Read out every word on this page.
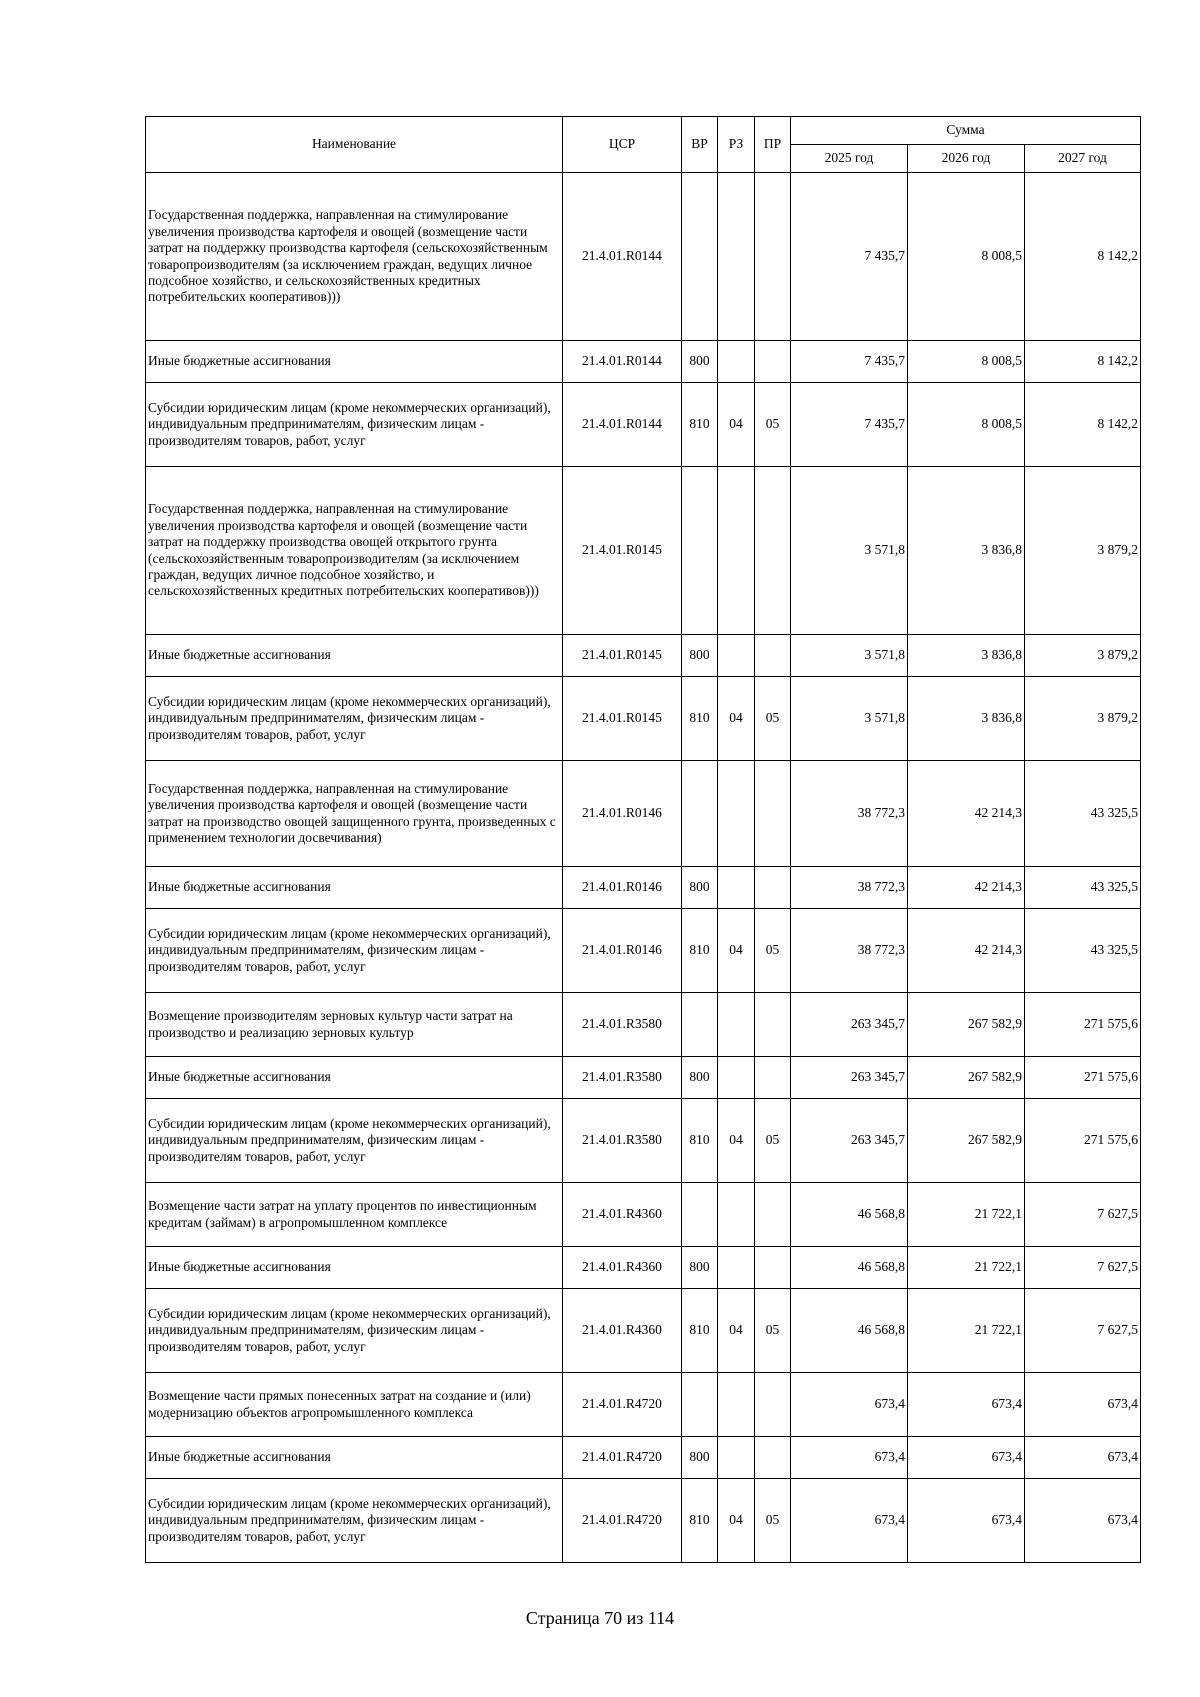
Наименование	ЦСР	ВР	РЗ	ПР	Сумма		
					2025 год	2026 год	2027 год
Государственная поддержка, направленная на стимулирование увеличения производства картофеля и овощей (возмещение части затрат на поддержку производства картофеля (сельскохозяйственным товаропроизводителям (за исключением граждан, ведущих личное подсобное хозяйство, и сельскохозяйственных кредитных потребительских кооперативов)))	21.4.01.R0144				7 435,7	8 008,5	8 142,2
Иные бюджетные ассигнования	21.4.01.R0144	800			7 435,7	8 008,5	8 142,2
Субсидии юридическим лицам (кроме некоммерческих организаций), индивидуальным предпринимателям, физическим лицам - производителям товаров, работ, услуг	21.4.01.R0144	810	04	05	7 435,7	8 008,5	8 142,2
Государственная поддержка, направленная на стимулирование увеличения производства картофеля и овощей (возмещение части затрат на поддержку производства овощей открытого грунта (сельскохозяйственным товаропроизводителям (за исключением граждан, ведущих личное подсобное хозяйство, и сельскохозяйственных кредитных потребительских кооперативов)))	21.4.01.R0145				3 571,8	3 836,8	3 879,2
Иные бюджетные ассигнования	21.4.01.R0145	800			3 571,8	3 836,8	3 879,2
Субсидии юридическим лицам (кроме некоммерческих организаций), индивидуальным предпринимателям, физическим лицам - производителям товаров, работ, услуг	21.4.01.R0145	810	04	05	3 571,8	3 836,8	3 879,2
Государственная поддержка, направленная на стимулирование увеличения производства картофеля и овощей (возмещение части затрат на производство овощей защищенного грунта, произведенных с применением технологии досвечивания)	21.4.01.R0146				38 772,3	42 214,3	43 325,5
Иные бюджетные ассигнования	21.4.01.R0146	800			38 772,3	42 214,3	43 325,5
Субсидии юридическим лицам (кроме некоммерческих организаций), индивидуальным предпринимателям, физическим лицам - производителям товаров, работ, услуг	21.4.01.R0146	810	04	05	38 772,3	42 214,3	43 325,5
Возмещение производителям зерновых культур части затрат на производство и реализацию зерновых культур	21.4.01.R3580				263 345,7	267 582,9	271 575,6
Иные бюджетные ассигнования	21.4.01.R3580	800			263 345,7	267 582,9	271 575,6
Субсидии юридическим лицам (кроме некоммерческих организаций), индивидуальным предпринимателям, физическим лицам - производителям товаров, работ, услуг	21.4.01.R3580	810	04	05	263 345,7	267 582,9	271 575,6
Возмещение части затрат на уплату процентов по инвестиционным кредитам (займам) в агропромышленном комплексе	21.4.01.R4360				46 568,8	21 722,1	7 627,5
Иные бюджетные ассигнования	21.4.01.R4360	800			46 568,8	21 722,1	7 627,5
Субсидии юридическим лицам (кроме некоммерческих организаций), индивидуальным предпринимателям, физическим лицам - производителям товаров, работ, услуг	21.4.01.R4360	810	04	05	46 568,8	21 722,1	7 627,5
Возмещение части прямых понесенных затрат на создание и (или) модернизацию объектов агропромышленного комплекса	21.4.01.R4720				673,4	673,4	673,4
Иные бюджетные ассигнования	21.4.01.R4720	800			673,4	673,4	673,4
Субсидии юридическим лицам (кроме некоммерческих организаций), индивидуальным предпринимателям, физическим лицам - производителям товаров, работ, услуг	21.4.01.R4720	810	04	05	673,4	673,4	673,4
Страница 70 из 114
